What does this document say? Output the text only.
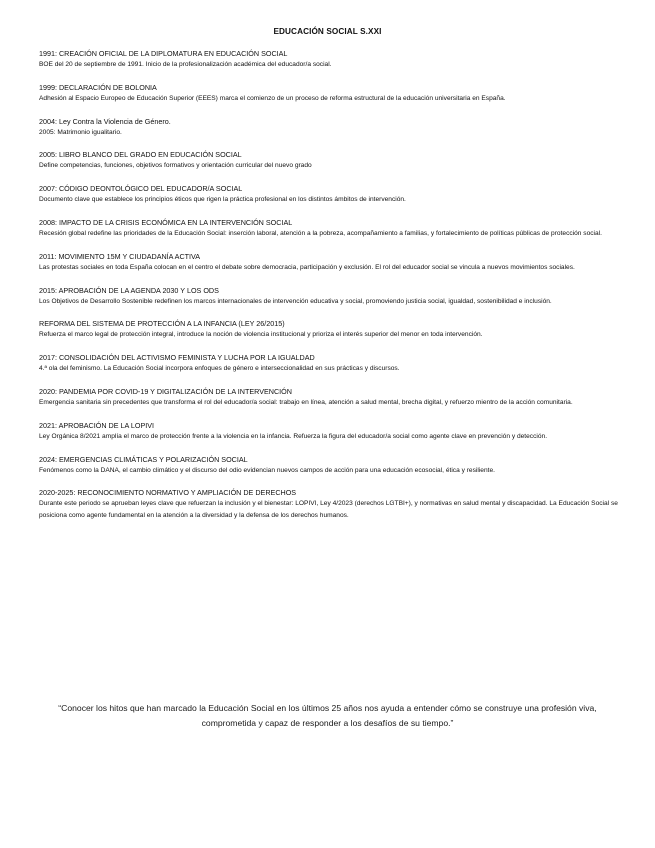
EDUCACIÓN SOCIAL S.XXI
1991: CREACIÓN OFICIAL DE LA DIPLOMATURA EN EDUCACIÓN SOCIAL
BOE del 20 de septiembre de 1991. Inicio de la profesionalización académica del educador/a social.
1999: DECLARACIÓN DE BOLONIA
Adhesión al Espacio Europeo de Educación Superior (EEES) marca el comienzo de un proceso de reforma estructural de la educación universitaria en España.
2004: Ley Contra la Violencia de Género.
2005: Matrimonio igualitario.
2005: LIBRO BLANCO DEL GRADO EN EDUCACIÓN SOCIAL
Define competencias, funciones, objetivos formativos y orientación curricular del nuevo grado
2007: CÓDIGO DEONTOLÓGICO DEL EDUCADOR/A SOCIAL
Documento clave que establece los principios éticos que rigen la práctica profesional en los distintos ámbitos de intervención.
2008: IMPACTO DE LA CRISIS ECONÓMICA EN LA INTERVENCIÓN SOCIAL
Recesión global redefine las prioridades de la Educación Social: inserción laboral, atención a la pobreza, acompañamiento a familias, y fortalecimiento de políticas públicas de protección social.
2011: MOVIMIENTO 15M Y CIUDADANÍA ACTIVA
Las protestas sociales en toda España colocan en el centro el debate sobre democracia, participación y exclusión. El rol del educador social se vincula a nuevos movimientos sociales.
2015: APROBACIÓN DE LA AGENDA 2030 Y LOS ODS
Los Objetivos de Desarrollo Sostenible redefinen los marcos internacionales de intervención educativa y social, promoviendo justicia social, igualdad, sostenibilidad e inclusión.
REFORMA DEL SISTEMA DE PROTECCIÓN A LA INFANCIA (LEY 26/2015)
Refuerza el marco legal de protección integral, introduce la noción de violencia institucional y prioriza el interés superior del menor en toda intervención.
2017: CONSOLIDACIÓN DEL ACTIVISMO FEMINISTA Y LUCHA POR LA IGUALDAD
4.ª ola del feminismo. La Educación Social incorpora enfoques de género e interseccionalidad en sus prácticas y discursos.
2020: PANDEMIA POR COVID-19 Y DIGITALIZACIÓN DE LA INTERVENCIÓN
Emergencia sanitaria sin precedentes que transforma el rol del educador/a social: trabajo en línea, atención a salud mental, brecha digital, y refuerzo mientro de la acción comunitaria.
2021: APROBACIÓN DE LA LOPIVI
Ley Orgánica 8/2021 amplía el marco de protección frente a la violencia en la infancia. Refuerza la figura del educador/a social como agente clave en prevención y detección.
2024: EMERGENCIAS CLIMÁTICAS Y POLARIZACIÓN SOCIAL
Fenómenos como la DANA, el cambio climático y el discurso del odio evidencian nuevos campos de acción para una educación ecosocial, ética y resiliente.
2020-2025: RECONOCIMIENTO NORMATIVO Y AMPLIACIÓN DE DERECHOS
Durante este periodo se aprueban leyes clave que refuerzan la inclusión y el bienestar: LOPIVI, Ley 4/2023 (derechos LGTBI+), y normativas en salud mental y discapacidad. La Educación Social se posiciona como agente fundamental en la atención a la diversidad y la defensa de los derechos humanos.
“Conocer los hitos que han marcado la Educación Social en los últimos 25 años nos ayuda a entender cómo se construye una profesión viva, comprometida y capaz de responder a los desafíos de su tiempo.”
